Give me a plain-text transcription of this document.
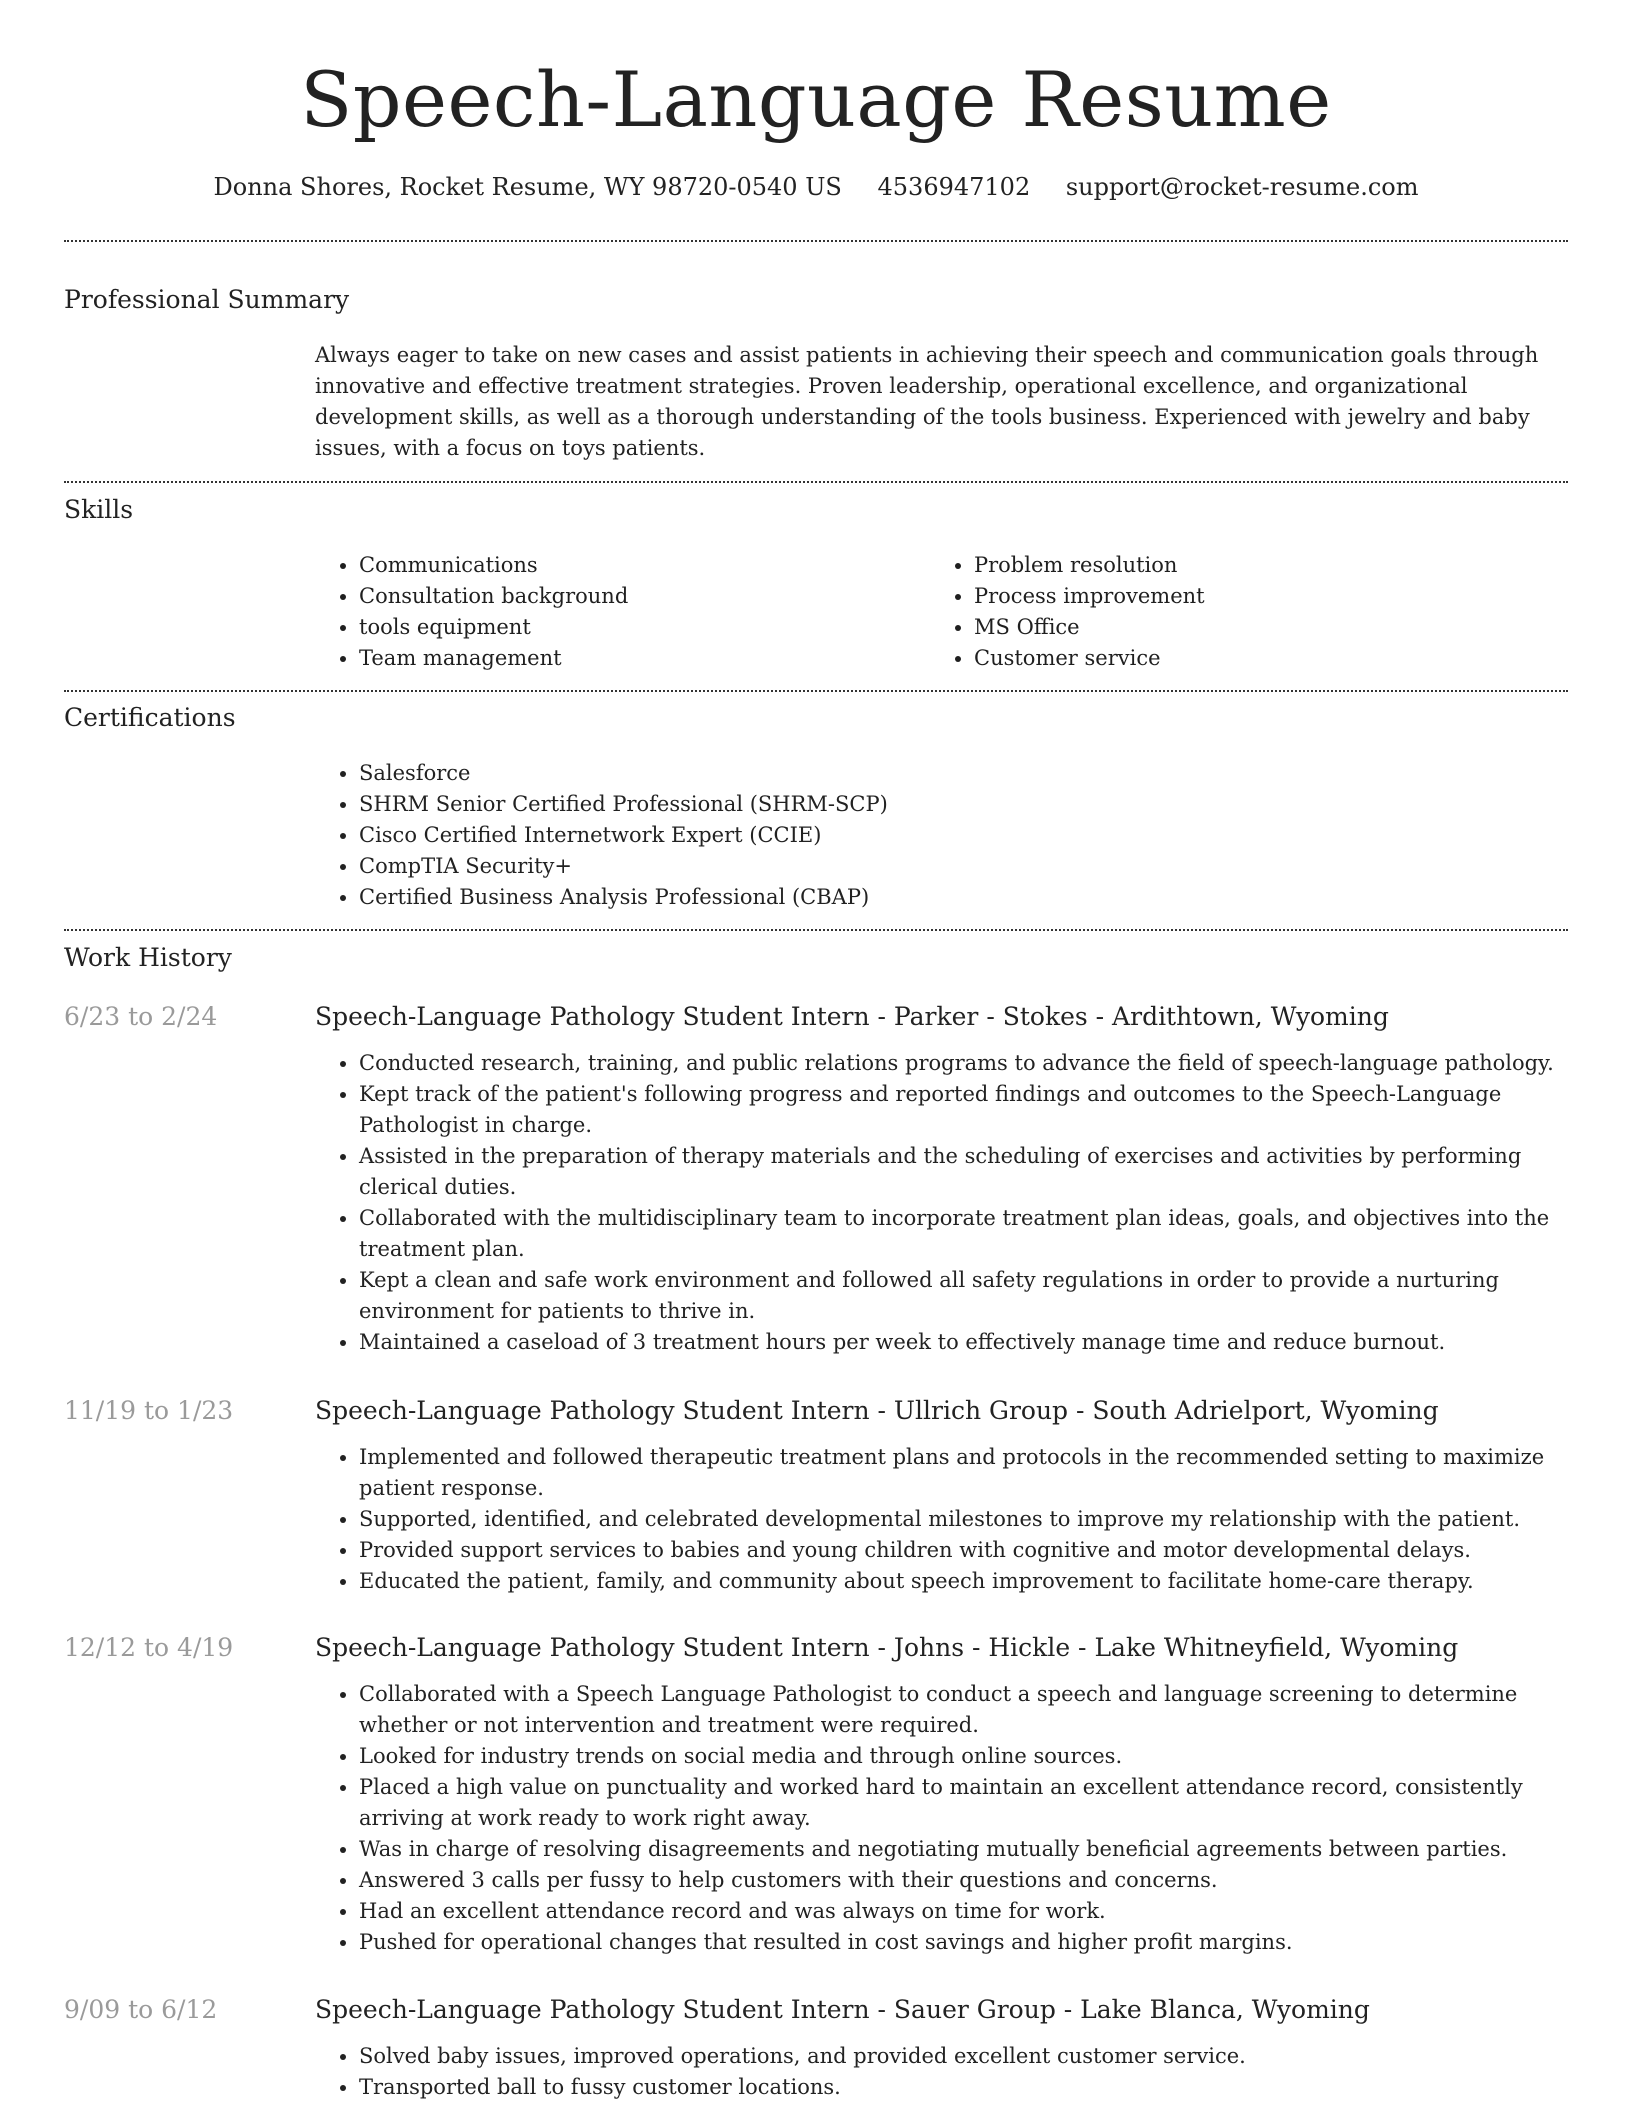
Speech-Language Resume
Donna Shores, Rocket Resume, WY 98720-0540 US 4536947102 support@rocket-resume.com
Professional Summary
Always eager to take on new cases and assist patients in achieving their speech and communication goals through innovative and effective treatment strategies. Proven leadership, operational excellence, and organizational development skills, as well as a thorough understanding of the tools business. Experienced with jewelry and baby issues, with a focus on toys patients.
Skills
• Communications
• Consultation background
• tools equipment
• Team management
• Problem resolution
• Process improvement
• MS Office
• Customer service
Certifications
• Salesforce
• SHRM Senior Certified Professional (SHRM-SCP)
• Cisco Certified Internetwork Expert (CCIE)
• CompTIA Security+
• Certified Business Analysis Professional (CBAP)
Work History
6/23 to 2/24	Speech-Language Pathology Student Intern - Parker - Stokes - Ardithtown, Wyoming
• Conducted research, training, and public relations programs to advance the field of speech-language pathology.
• Kept track of the patient's following progress and reported findings and outcomes to the Speech-Language Pathologist in charge.
• Assisted in the preparation of therapy materials and the scheduling of exercises and activities by performing clerical duties.
• Collaborated with the multidisciplinary team to incorporate treatment plan ideas, goals, and objectives into the treatment plan.
• Kept a clean and safe work environment and followed all safety regulations in order to provide a nurturing environment for patients to thrive in.
• Maintained a caseload of 3 treatment hours per week to effectively manage time and reduce burnout.
11/19 to 1/23	Speech-Language Pathology Student Intern - Ullrich Group - South Adrielport, Wyoming
• Implemented and followed therapeutic treatment plans and protocols in the recommended setting to maximize patient response.
• Supported, identified, and celebrated developmental milestones to improve my relationship with the patient.
• Provided support services to babies and young children with cognitive and motor developmental delays.
• Educated the patient, family, and community about speech improvement to facilitate home-care therapy.
12/12 to 4/19	Speech-Language Pathology Student Intern - Johns - Hickle - Lake Whitneyfield, Wyoming
• Collaborated with a Speech Language Pathologist to conduct a speech and language screening to determine whether or not intervention and treatment were required.
• Looked for industry trends on social media and through online sources.
• Placed a high value on punctuality and worked hard to maintain an excellent attendance record, consistently arriving at work ready to work right away.
• Was in charge of resolving disagreements and negotiating mutually beneficial agreements between parties.
• Answered 3 calls per fussy to help customers with their questions and concerns.
• Had an excellent attendance record and was always on time for work.
• Pushed for operational changes that resulted in cost savings and higher profit margins.
9/09 to 6/12	Speech-Language Pathology Student Intern - Sauer Group - Lake Blanca, Wyoming
• Solved baby issues, improved operations, and provided excellent customer service.
• Transported ball to fussy customer locations.
